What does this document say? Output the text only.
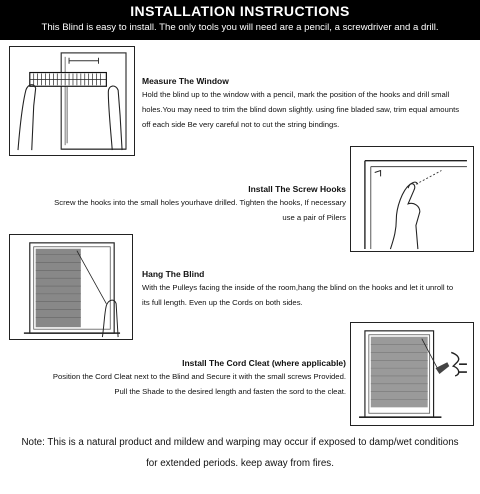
INSTALLATION INSTRUCTIONS
This Blind is easy to install. The only tools you will need are a pencil, a screwdriver and a drill.
Measure The Window
Hold the blind up to the window with a pencil, mark the position of the hooks and drill small
holes.You may need to trim the blind down slightly. using fine bladed saw, trim equal amounts
off each side Be very careful not to cut the string bindings.
Install The Screw Hooks
Screw the hooks into the small holes yourhave drilled. Tighten the hooks, If necessary
use a pair of Pilers
Hang The Blind
With the Pulleys facing the inside of the room,hang the blind on the hooks and let it unroll to
its full length. Even up the Cords on both sides.
Install The Cord Cleat (where applicable)
Position the Cord Cleat next to the Blind and Secure it with the small screws Provided.
Pull the Shade to the desired length and fasten the sord to the cleat.
Note: This is a natural product and mildew and warping may occur if exposed to damp/wet conditions
for extended periods. keep away from fires.
